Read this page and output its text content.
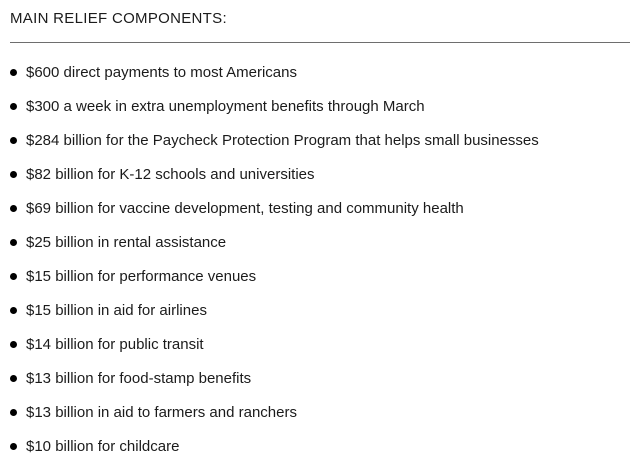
MAIN RELIEF COMPONENTS:
$600 direct payments to most Americans
$300 a week in extra unemployment benefits through March
$284 billion for the Paycheck Protection Program that helps small businesses
$82 billion for K-12 schools and universities
$69 billion for vaccine development, testing and community health
$25 billion in rental assistance
$15 billion for performance venues
$15 billion in aid for airlines
$14 billion for public transit
$13 billion for food-stamp benefits
$13 billion in aid to farmers and ranchers
$10 billion for childcare
